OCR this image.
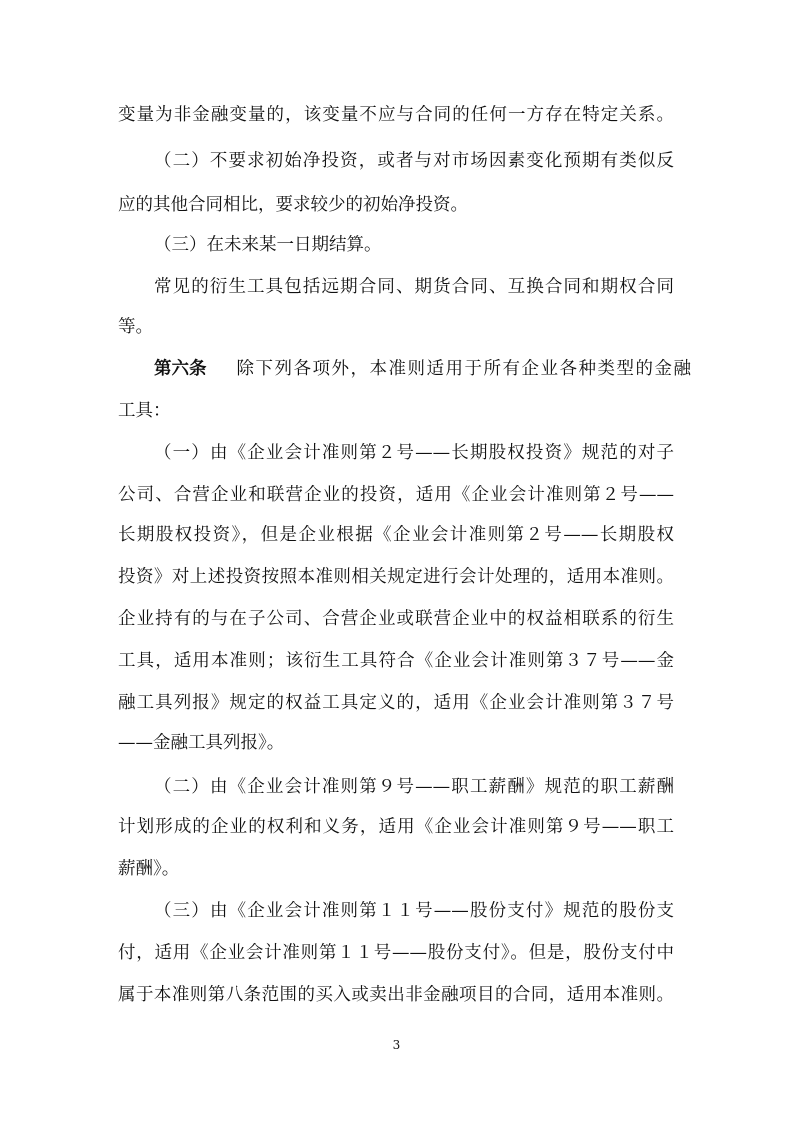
变量为非金融变量的，该变量不应与合同的任何一方存在特定关系。
（二）不要求初始净投资，或者与对市场因素变化预期有类似反
应的其他合同相比，要求较少的初始净投资。
（三）在未来某一日期结算。
常见的衍生工具包括远期合同、期货合同、互换合同和期权合同
等。
第六条 除下列各项外，本准则适用于所有企业各种类型的金融
工具：
（一）由《企业会计准则第２号——长期股权投资》规范的对子
公司、合营企业和联营企业的投资，适用《企业会计准则第２号——
长期股权投资》，但是企业根据《企业会计准则第２号——长期股权
投资》对上述投资按照本准则相关规定进行会计处理的，适用本准则。
企业持有的与在子公司、合营企业或联营企业中的权益相联系的衍生
工具，适用本准则；该衍生工具符合《企业会计准则第３７号——金
融工具列报》规定的权益工具定义的，适用《企业会计准则第３７号
——金融工具列报》。
（二）由《企业会计准则第９号——职工薪酬》规范的职工薪酬
计划形成的企业的权利和义务，适用《企业会计准则第９号——职工
薪酬》。
（三）由《企业会计准则第１１号——股份支付》规范的股份支
付，适用《企业会计准则第１１号——股份支付》。但是，股份支付中
属于本准则第八条范围的买入或卖出非金融项目的合同，适用本准则。
3
